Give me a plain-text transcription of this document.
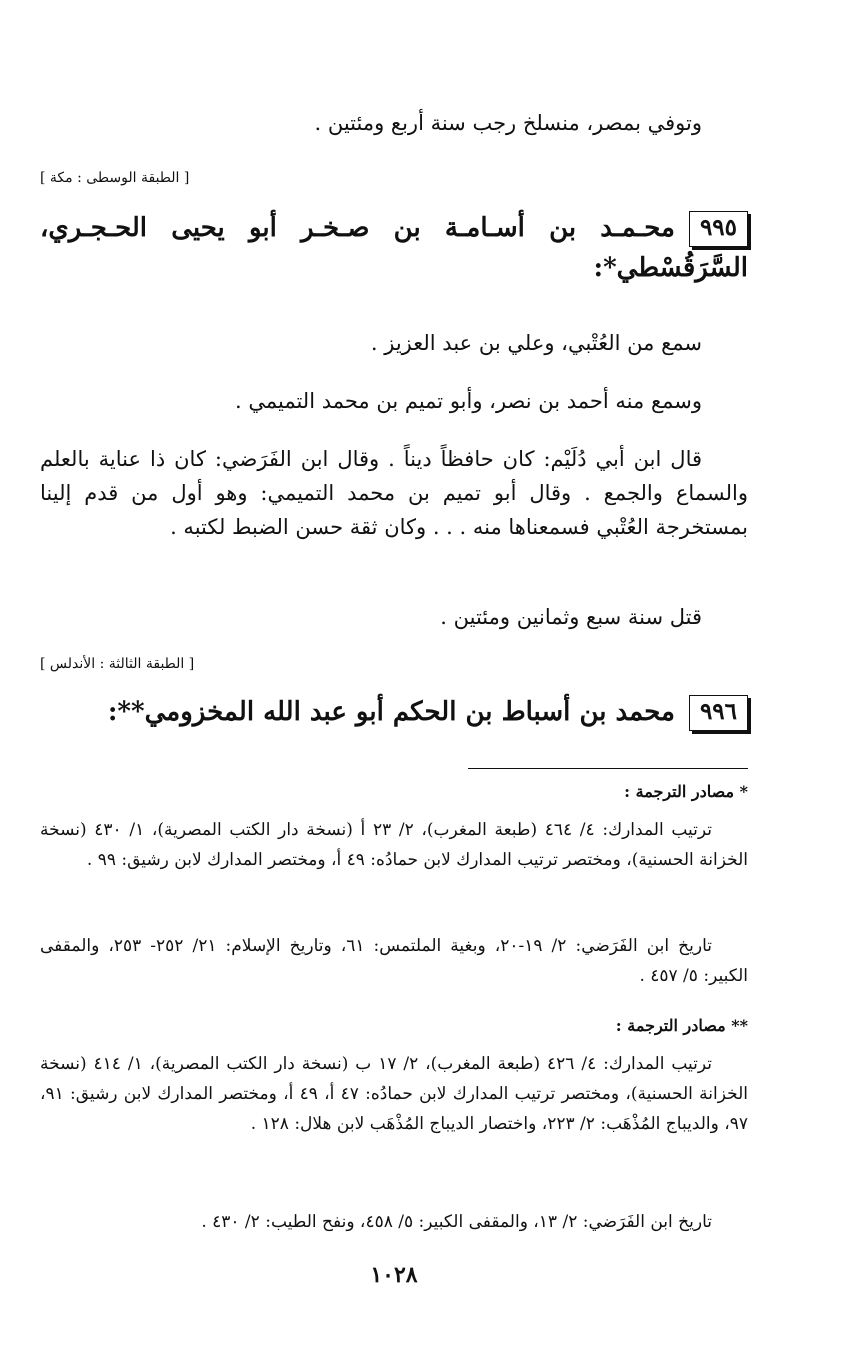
وتوفي بمصر، منسلخ رجب سنة أربع ومئتين .

[ الطبقة الوسطى : مكة ]
٩٩٥محـمـد بن أسـامـة بن صـخـر أبو يحيى الحـجـري، السَّرَقُسْطي*:

سمع من العُتْبي، وعلي بن عبد العزيز .

وسمع منه أحمد بن نصر، وأبو تميم بن محمد التميمي .

قال ابن أبي دُلَيْم: كان حافظاً ديناً . وقال ابن الفَرَضي: كان ذا عناية بالعلم والسماع والجمع . وقال أبو تميم بن محمد التميمي: وهو أول من قدم إلينا بمستخرجة العُتْبي فسمعناها منه . . . وكان ثقة حسن الضبط لكتبه .

قتل سنة سبع وثمانين ومئتين .

[ الطبقة الثالثة : الأندلس ]
٩٩٦محمد بن أسباط بن الحكم أبو عبد الله المخزومي**:

* مصادر الترجمة :

ترتيب المدارك: ٤/ ٤٦٤ (طبعة المغرب)، ٢/ ٢٣ أ (نسخة دار الكتب المصرية)، ١/ ٤٣٠ (نسخة الخزانة الحسنية)، ومختصر ترتيب المدارك لابن حمادُه: ٤٩ أ، ومختصر المدارك لابن رشيق: ٩٩ .

تاريخ ابن الفَرَضي: ٢/ ١٩-٢٠، وبغية الملتمس: ٦١، وتاريخ الإسلام: ٢١/ ٢٥٢- ٢٥٣، والمقفى الكبير: ٥/ ٤٥٧ .

** مصادر الترجمة :

ترتيب المدارك: ٤/ ٤٢٦ (طبعة المغرب)، ٢/ ١٧ ب (نسخة دار الكتب المصرية)، ١/ ٤١٤ (نسخة الخزانة الحسنية)، ومختصر ترتيب المدارك لابن حمادُه: ٤٧ أ، ٤٩ أ، ومختصر المدارك لابن رشيق: ٩١، ٩٧، والديباج المُذْهَب: ٢/ ٢٢٣، واختصار الديباج المُذْهَب لابن هلال: ١٢٨ .

تاريخ ابن الفَرَضي: ٢/ ١٣، والمقفى الكبير: ٥/ ٤٥٨، ونفح الطيب: ٢/ ٤٣٠ .

١٠٢٨
